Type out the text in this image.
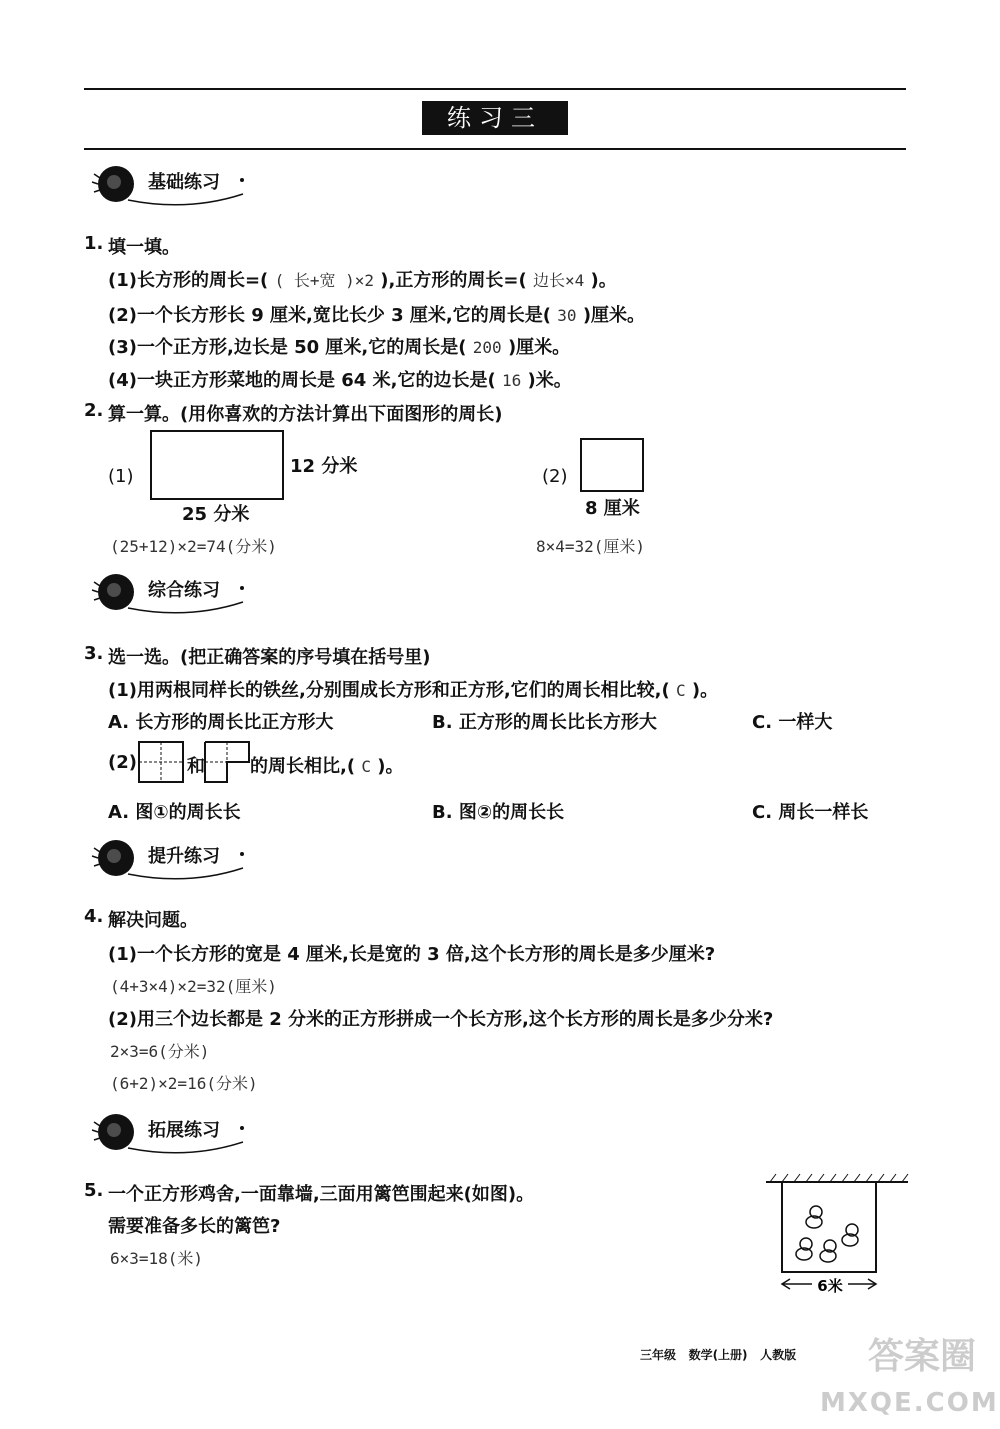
练习三
基础练习
1. 填一填。
(1)长方形的周长=( ( 长+宽 )×2 ),正方形的周长=( 边长×4 )。
(2)一个长方形长 9 厘米,宽比长少 3 厘米,它的周长是( 30 )厘米。
(3)一个正方形,边长是 50 厘米,它的周长是( 200 )厘米。
(4)一块正方形菜地的周长是 64 米,它的边长是( 16 )米。
2. 算一算。(用你喜欢的方法计算出下面图形的周长)
(1)	12 分米
25 分米
(25+12)×2=74(分米)
(2)
8 厘米
8×4=32(厘米)
综合练习
3. 选一选。(把正确答案的序号填在括号里)
(1)用两根同样长的铁丝,分别围成长方形和正方形,它们的周长相比较,( C )。
A. 长方形的周长比正方形大	B. 正方形的周长比长方形大	C. 一样大
(2)	和	的周长相比,( C )。
A. 图①的周长长	B. 图②的周长长	C. 周长一样长
提升练习
4. 解决问题。
(1)一个长方形的宽是 4 厘米,长是宽的 3 倍,这个长方形的周长是多少厘米?
(4+3×4)×2=32(厘米)
(2)用三个边长都是 2 分米的正方形拼成一个长方形,这个长方形的周长是多少分米?
2×3=6(分米)
(6+2)×2=16(分米)
拓展练习
5. 一个正方形鸡舍,一面靠墙,三面用篱笆围起来(如图)。
需要准备多长的篱笆?
6×3=18(米)
6米
三年级 数学(上册) 人教版 答案圈
MXQE.COM
